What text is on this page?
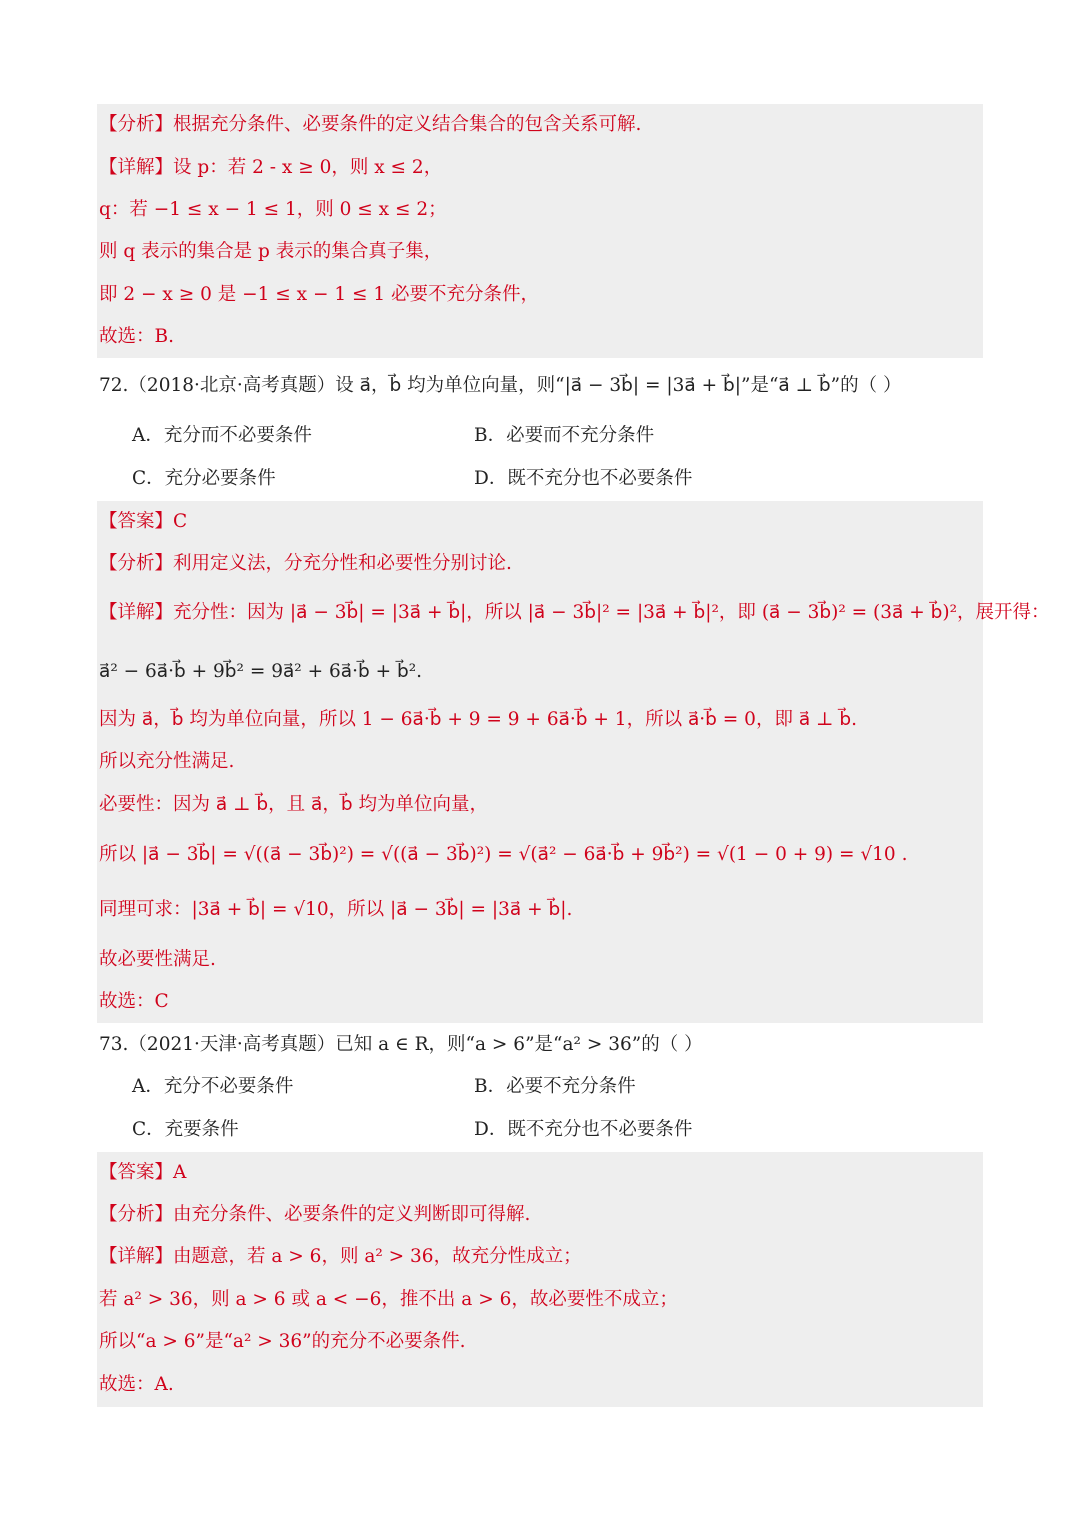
【分析】根据充分条件、必要条件的定义结合集合的包含关系可解.
【详解】设 p：若 2 - x ≥ 0，则 x ≤ 2，
q：若 −1 ≤ x − 1 ≤ 1，则 0 ≤ x ≤ 2；
则 q 表示的集合是 p 表示的集合真子集，
即 2 − x ≥ 0 是 −1 ≤ x − 1 ≤ 1 必要不充分条件，
故选：B.
72.（2018·北京·高考真题）设 a⃗，b⃗ 均为单位向量，则“|a⃗ − 3b⃗| = |3a⃗ + b⃗|”是“a⃗ ⊥ b⃗”的（ ）
A．充分而不必要条件	B．必要而不充分条件
C．充分必要条件	D．既不充分也不必要条件
【答案】C
【分析】利用定义法，分充分性和必要性分别讨论.
【详解】充分性：因为 |a⃗ − 3b⃗| = |3a⃗ + b⃗|，所以 |a⃗ − 3b⃗|² = |3a⃗ + b⃗|²，即 (a⃗ − 3b⃗)² = (3a⃗ + b⃗)²，展开得：
a⃗² − 6a⃗·b⃗ + 9b⃗² = 9a⃗² + 6a⃗·b⃗ + b⃗².
因为 a⃗，b⃗ 均为单位向量，所以 1 − 6a⃗·b⃗ + 9 = 9 + 6a⃗·b⃗ + 1，所以 a⃗·b⃗ = 0，即 a⃗ ⊥ b⃗.
所以充分性满足.
必要性：因为 a⃗ ⊥ b⃗，且 a⃗，b⃗ 均为单位向量，
所以 |a⃗ − 3b⃗| = √((a⃗ − 3b⃗)²) = √((a⃗ − 3b⃗)²) = √(a⃗² − 6a⃗·b⃗ + 9b⃗²) = √(1 − 0 + 9) = √10 .
同理可求：|3a⃗ + b⃗| = √10，所以 |a⃗ − 3b⃗| = |3a⃗ + b⃗|.
故必要性满足.
故选：C
73.（2021·天津·高考真题）已知 a ∈ R，则“a > 6”是“a² > 36”的（ ）
A．充分不必要条件	B．必要不充分条件
C．充要条件	D．既不充分也不必要条件
【答案】A
【分析】由充分条件、必要条件的定义判断即可得解.
【详解】由题意，若 a > 6，则 a² > 36，故充分性成立；
若 a² > 36，则 a > 6 或 a < −6，推不出 a > 6，故必要性不成立；
所以“a > 6”是“a² > 36”的充分不必要条件.
故选：A.
